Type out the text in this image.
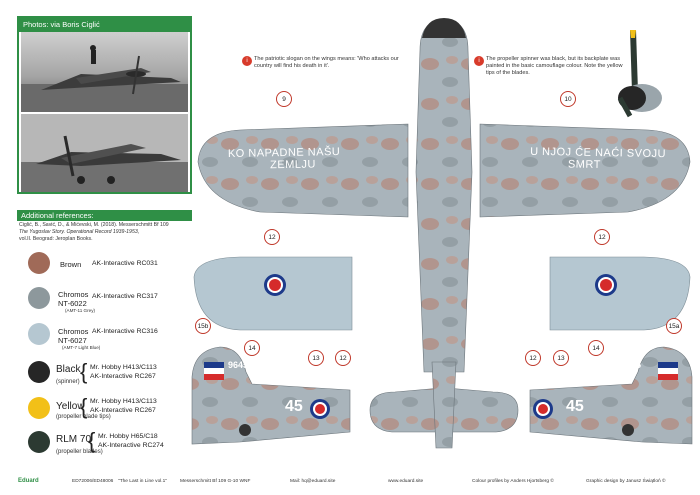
Photos: via Boris Ciglić
Additional references:
Ciglić, B., Savić, D., & Mićevski, M. (2018). Messerschmitt Bf 109
The Yugoslav Story. Operational Record 1939-1953,
vol.II. Beograd: Jeroplan Books.
Brown AK-Interactive RC031
Chromos
NT-6022
(AMT-11 Grey)
AK-Interactive RC317
Chromos
NT-6027
(AMT-7 Light Blue)
AK-Interactive RC316
Black
(spinner) { Mr. Hobby H413/C113
AK-Interactive RC267
Yellow
(propeller blade tips)
{ Mr. Hobby H413/C113
AK-Interactive RC267
RLM 70
(propeller blades)
{ Mr. Hobby H65/C18
AK-Interactive RC274
KO NAPADNE NAŠU
ZEMLJU
U NJOJ ĆE NAĆI SVOJU
SMRT
45
9645
45
9645
i	The patriotic slogan on the wings means: 'Who attacks our country will find his death in it'.
i	The propeller spinner was black, but its backplate was painted in the basic camouflage colour. Note the yellow tips of the blades.
9	10
12	12
15b
14
13	12	12	13
14
15a
Eduard	ED72006/ED48006 "The Last in Line vol.1"	Messerschmitt Bf 109 G-10 WNF	Mail: hq@eduard.site	www.eduard.site	Colour profiles by Anders Hjortsberg ©	Graphic design by Janusz Świątloń ©
